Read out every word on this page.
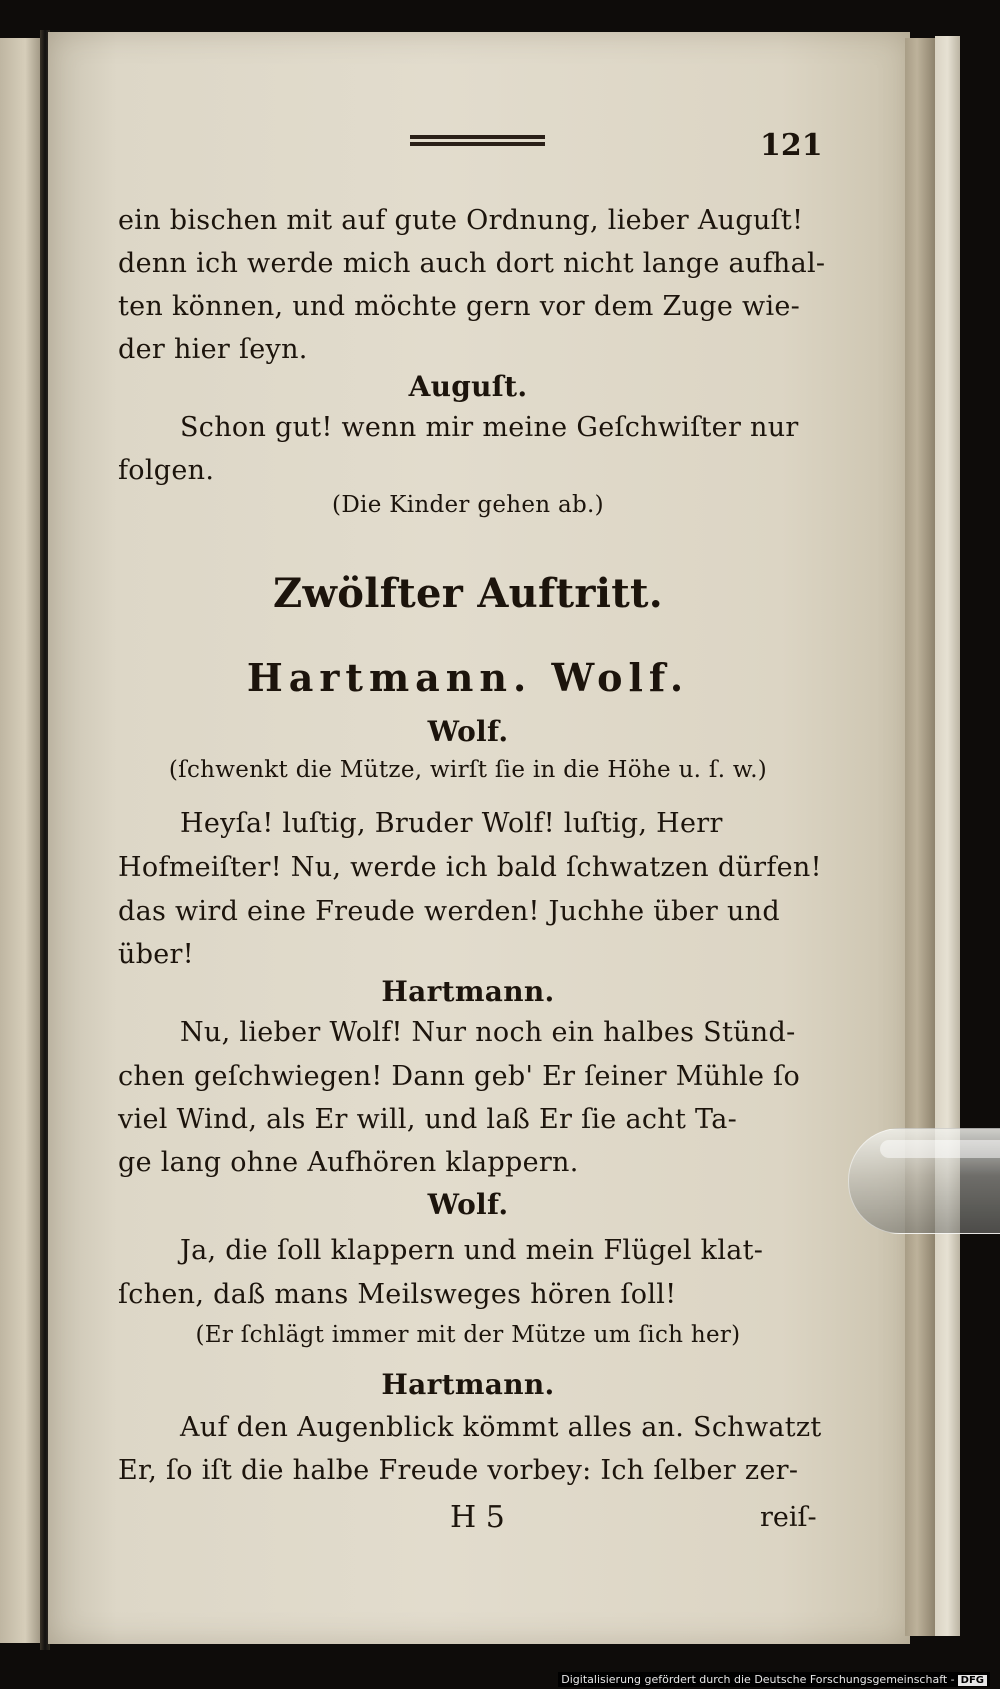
121
ein bischen mit auf gute Ordnung, lieber Auguſt!
denn ich werde mich auch dort nicht lange aufhal-
ten können, und möchte gern vor dem Zuge wie-
der hier ſeyn.
Auguſt.
Schon gut! wenn mir meine Geſchwiſter nur
folgen.
(Die Kinder gehen ab.)
Zwölfter Auftritt.
Hartmann. Wolf.
Wolf.
(ſchwenkt die Mütze, wirſt ſie in die Höhe u. ſ. w.)
Heyſa! luſtig, Bruder Wolf! luſtig, Herr
Hofmeiſter! Nu, werde ich bald ſchwatzen dürfen!
das wird eine Freude werden! Juchhe über und
über!
Hartmann.
Nu, lieber Wolf! Nur noch ein halbes Stünd-
chen geſchwiegen! Dann geb' Er ſeiner Mühle ſo
viel Wind, als Er will, und laß Er ſie acht Ta-
ge lang ohne Aufhören klappern.
Wolf.
Ja, die ſoll klappern und mein Flügel klat-
ſchen, daß mans Meilsweges hören ſoll!
(Er ſchlägt immer mit der Mütze um ſich her)
Hartmann.
Auf den Augenblick kömmt alles an. Schwatzt
Er, ſo iſt die halbe Freude vorbey: Ich ſelber zer-
H 5	reiſ-
Digitalisierung gefördert durch die Deutsche Forschungsgemeinschaft - DFG
